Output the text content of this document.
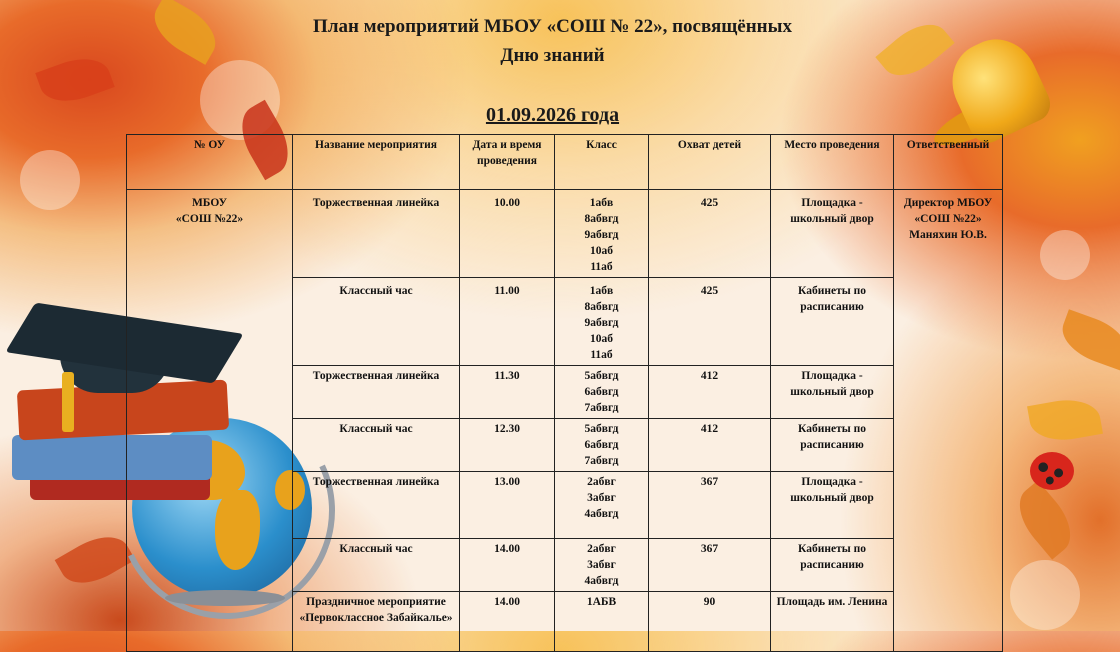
План мероприятий МБОУ «СОШ № 22», посвящённых
Дню знаний
01.09.2026 года
№ ОУ	Название мероприятия	Дата и время проведения	Класс	Охват детей	Место проведения	Ответственный

МБОУ
«СОШ №22»	Торжественная линейка	10.00	1абв
8абвгд
9абвгд
10аб
11аб	425	Площадка -
школьный двор	Директор МБОУ
«СОШ №22»
Маняхин Ю.В.

	Классный час	11.00	1абв
8абвгд
9абвгд
10аб
11аб	425	Кабинеты по
расписанию	

	Торжественная линейка	11.30	5абвгд
6абвгд
7абвгд	412	Площадка -
школьный двор	

	Классный час	12.30	5абвгд
6абвгд
7абвгд	412	Кабинеты по
расписанию	

	Торжественная линейка	13.00	2абвг
3абвг
4абвгд	367	Площадка -
школьный двор	

	Классный час	14.00	2абвг
3абвг
4абвгд	367	Кабинеты по
расписанию	

	Праздничное мероприятие
«Первоклассное Забайкалье»	14.00	1АБВ	90	Площадь им. Ленина	
